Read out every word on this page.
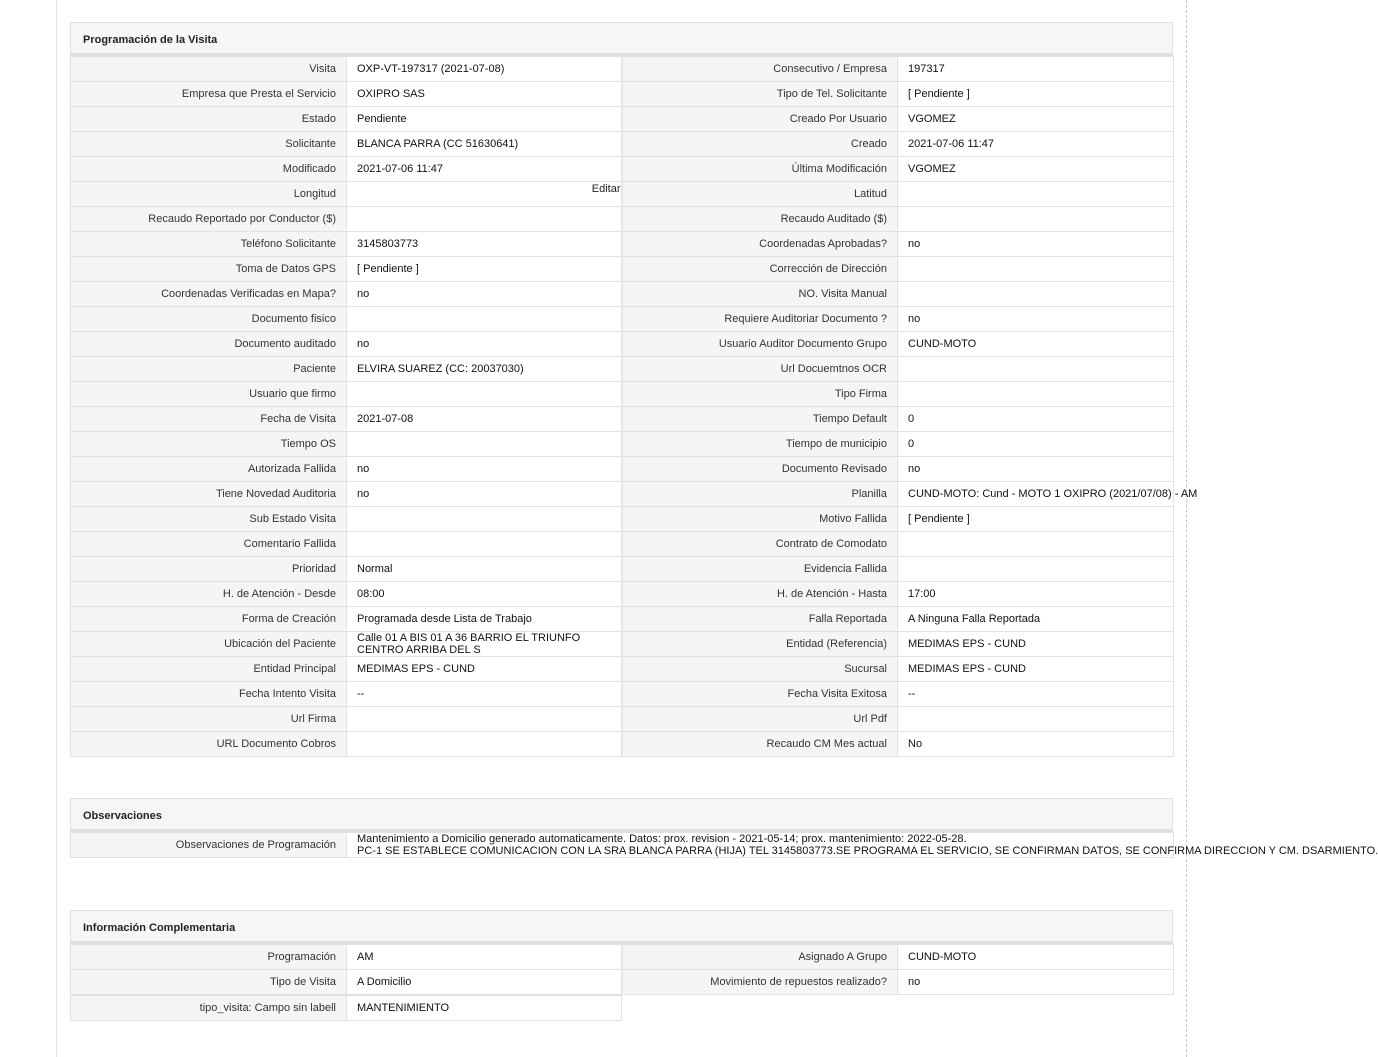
Programación de la Visita
Visita	OXP-VT-197317 (2021-07-08)	Consecutivo / Empresa	197317
Empresa que Presta el Servicio	OXIPRO SAS	Tipo de Tel. Solicitante	[ Pendiente ]
Estado	Pendiente	Creado Por Usuario	VGOMEZ
Solicitante	BLANCA PARRA (CC 51630641)	Creado	2021-07-06 11:47
Modificado	2021-07-06 11:47	Última Modificación	VGOMEZ
Longitud	Editar	Latitud	
Recaudo Reportado por Conductor ($)		Recaudo Auditado ($)	
Teléfono Solicitante	3145803773	Coordenadas Aprobadas?	no
Toma de Datos GPS	[ Pendiente ]	Corrección de Dirección	
Coordenadas Verificadas en Mapa?	no	NO. Visita Manual	
Documento fisico		Requiere Auditoriar Documento ?	no
Documento auditado	no	Usuario Auditor Documento Grupo	CUND-MOTO
Paciente	ELVIRA SUAREZ (CC: 20037030)	Url Docuemtnos OCR	
Usuario que firmo		Tipo Firma	
Fecha de Visita	2021-07-08	Tiempo Default	0
Tiempo OS		Tiempo de municipio	0
Autorizada Fallida	no	Documento Revisado	no
Tiene Novedad Auditoria	no	Planilla	CUND-MOTO: Cund - MOTO 1 OXIPRO (2021/07/08) - AM
Sub Estado Visita		Motivo Fallida	[ Pendiente ]
Comentario Fallida		Contrato de Comodato	
Prioridad	Normal	Evidencia Fallida	
H. de Atención - Desde	08:00	H. de Atención - Hasta	17:00
Forma de Creación	Programada desde Lista de Trabajo	Falla Reportada	A Ninguna Falla Reportada
Ubicación del Paciente	Calle 01 A BIS 01 A 36 BARRIO EL TRIUNFO CENTRO ARRIBA DEL S	Entidad (Referencia)	MEDIMAS EPS - CUND
Entidad Principal	MEDIMAS EPS - CUND	Sucursal	MEDIMAS EPS - CUND
Fecha Intento Visita	--	Fecha Visita Exitosa	--
Url Firma		Url Pdf	
URL Documento Cobros		Recaudo CM Mes actual	No
Observaciones
Observaciones de Programación	Mantenimiento a Domicilio generado automaticamente. Datos: prox. revision - 2021-05-14; prox. mantenimiento: 2022-05-28.
PC-1 SE ESTABLECE COMUNICACION CON LA SRA BLANCA PARRA (HIJA) TEL 3145803773.SE PROGRAMA EL SERVICIO, SE CONFIRMAN DATOS, SE CONFIRMA DIRECCION Y CM. DSARMIENTO.
Información Complementaria
Programación	AM	Asignado A Grupo	CUND-MOTO
Tipo de Visita	A Domicilio	Movimiento de repuestos realizado?	no
tipo_visita: Campo sin labell	MANTENIMIENTO
